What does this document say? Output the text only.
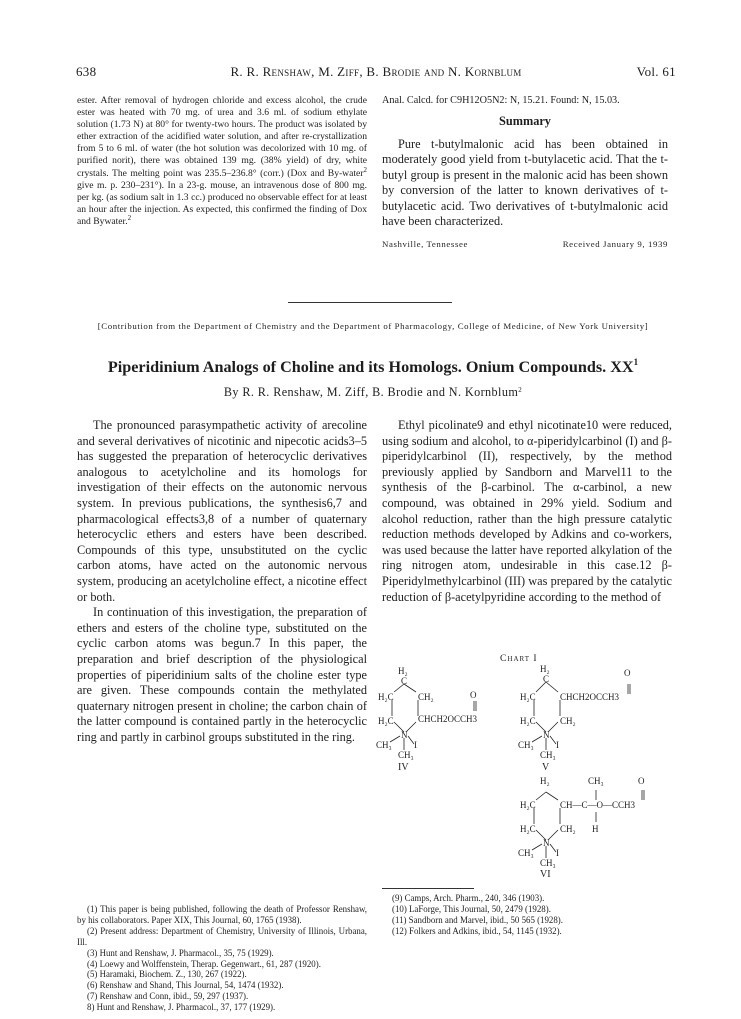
638	R. R. Renshaw, M. Ziff, B. Brodie and N. Kornblum	Vol. 61

ester. After removal of hydrogen chloride and excess alcohol, the crude ester was heated with 70 mg. of urea and 3.6 ml. of sodium ethylate solution (1.73 N) at 80° for twenty-two hours. The product was isolated by ether extraction of the acidified water solution, and after re-crystallization from 5 to 6 ml. of water (the hot solution was decolorized with 10 mg. of purified norit), there was obtained 139 mg. (38% yield) of dry, white crystals. The melting point was 235.5–236.8° (corr.) (Dox and By-water$^2$ give m. p. 230–231°). In a 23-g. mouse, an intravenous dose of 800 mg. per kg. (as sodium salt in 1.3 cc.) produced no observable effect for at least an hour after the injection. As expected, this confirmed the finding of Dox and Bywater.$^2$

Anal. Calcd. for C9H12O5N2: N, 15.21. Found: N, 15.03.

Summary

Pure t-butylmalonic acid has been obtained in moderately good yield from t-butylacetic acid. That the t-butyl group is present in the malonic acid has been shown by conversion of the latter to known derivatives of t-butylacetic acid. Two derivatives of t-butylmalonic acid have been characterized.

Nashville, Tennessee	Received January 9, 1939
[Contribution from the Department of Chemistry and the Department of Pharmacology, College of Medicine, of New York University]
Piperidinium Analogs of Choline and its Homologs. Onium Compounds. $XX^1$
By R. R. Renshaw, M. Ziff, B. Brodie and N. Kornblum$^2$

The pronounced parasympathetic activity of arecoline and several derivatives of nicotinic and nipecotic acids3–5 has suggested the preparation of heterocyclic derivatives analogous to acetylcholine and its homologs for investigation of their effects on the autonomic nervous system. In previous publications, the synthesis6,7 and pharmacological effects3,8 of a number of quaternary heterocyclic ethers and esters have been described. Compounds of this type, unsubstituted on the cyclic carbon atoms, have acted on the autonomic nervous system, producing an acetylcholine effect, a nicotine effect or both.

In continuation of this investigation, the preparation of ethers and esters of the choline type, substituted on the cyclic carbon atoms was begun.7 In this paper, the preparation and brief description of the physiological properties of piperidinium salts of the choline ester type are given. These compounds contain the methylated quaternary nitrogen present in choline; the carbon chain of the latter compound is contained partly in the heterocyclic ring and partly in carbinol groups substituted in the ring.

Ethyl picolinate9 and ethyl nicotinate10 were reduced, using sodium and alcohol, to α-piperidylcarbinol (I) and β-piperidylcarbinol (II), respectively, by the method previously applied by Sandborn and Marvel11 to the synthesis of the β-carbinol. The α-carbinol, a new compound, was obtained in 29% yield. Sodium and alcohol reduction, rather than the high pressure catalytic reduction methods developed by Adkins and co-workers, was used because the latter have reported alkylation of the ring nitrogen atom, undesirable in this case.12 β-Piperidylmethylcarbinol (III) was prepared by the catalytic reduction of β-acetylpyridine according to the method of

Chart I
H₂
C
H₂C	CH₂	O
H₂C	CHCH2OCCH3
N
CH₃ I
CH₃
IV
H₂
C
O
H₂C	CHCH2OCCH3
H₂C	CH₂
N
CH₃ I
CH₃
V
H₂	CH₃	O
H₂C	CH—C—O—CCH3
H₂C	CH₂ H
N
CH₃ I
CH₃
VI

(1) This paper is being published, following the death of Professor Renshaw, by his collaborators. Paper XIX, This Journal, 60, 1765 (1938).

(2) Present address: Department of Chemistry, University of Illinois, Urbana, Ill.

(3) Hunt and Renshaw, J. Pharmacol., 35, 75 (1929).

(4) Loewy and Wolffenstein, Therap. Gegenwart., 61, 287 (1920).

(5) Haramaki, Biochem. Z., 130, 267 (1922).

(6) Renshaw and Shand, This Journal, 54, 1474 (1932).

(7) Renshaw and Conn, ibid., 59, 297 (1937).

8) Hunt and Renshaw, J. Pharmacol., 37, 177 (1929).

(9) Camps, Arch. Pharm., 240, 346 (1903).

(10) LaForge, This Journal, 50, 2479 (1928).

(11) Sandborn and Marvel, ibid., 50 565 (1928).

(12) Folkers and Adkins, ibid., 54, 1145 (1932).
